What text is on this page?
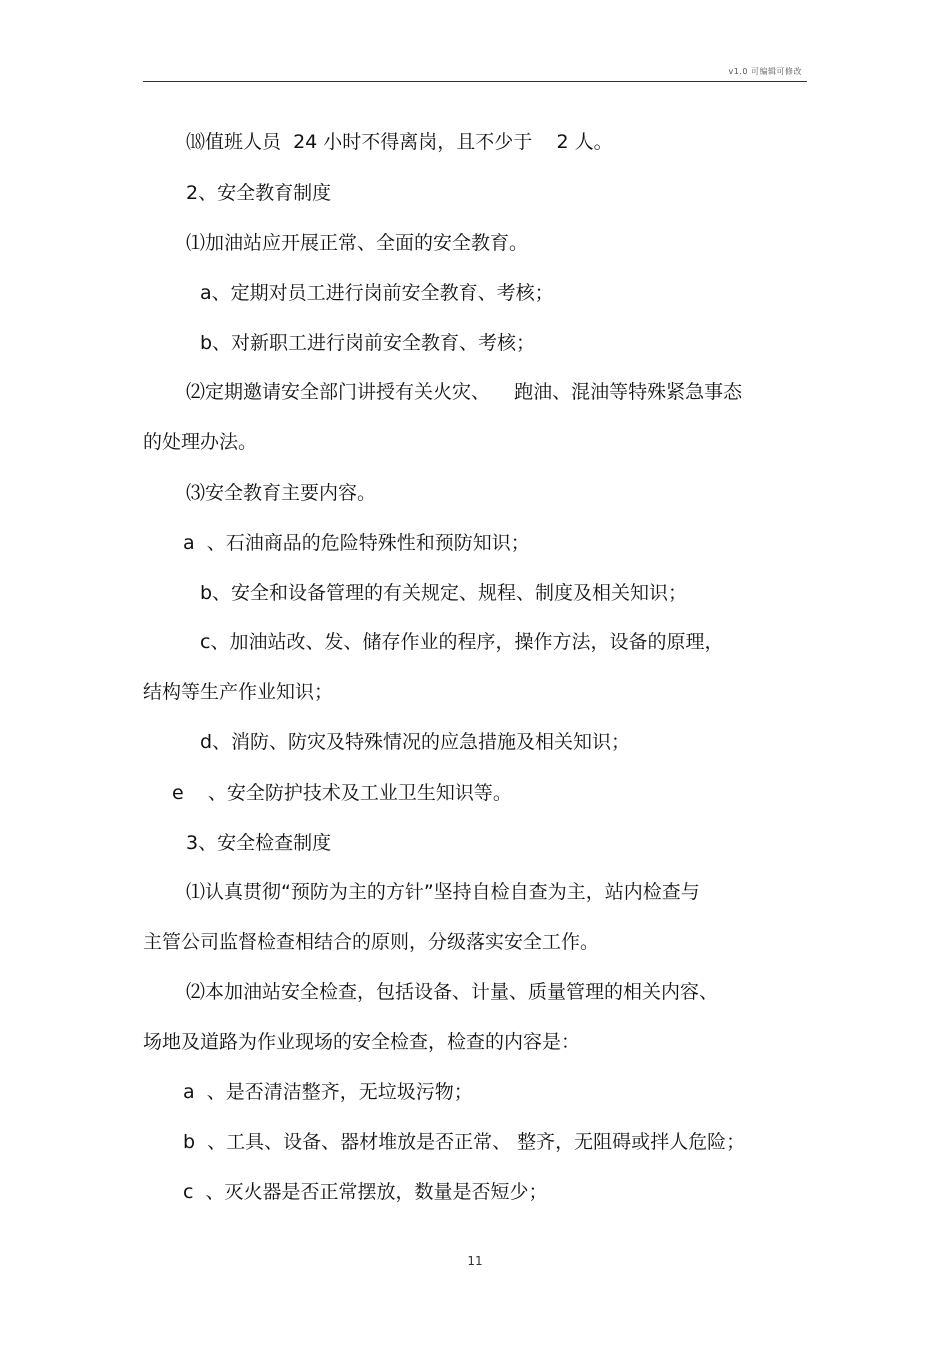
v1.0 可编辑可修改
⒅值班人员  24 小时不得离岗，且不少于    2 人。
2、安全教育制度
⑴加油站应开展正常、全面的安全教育。
a、定期对员工进行岗前安全教育、考核；
b、对新职工进行岗前安全教育、考核；
⑵定期邀请安全部门讲授有关火灾、    跑油、混油等特殊紧急事态
的处理办法。
⑶安全教育主要内容。
a  、石油商品的危险特殊性和预防知识；
b、安全和设备管理的有关规定、规程、制度及相关知识；
c、加油站改、发、储存作业的程序，操作方法，设备的原理，
结构等生产作业知识；
d、消防、防灾及特殊情况的应急措施及相关知识；
e    、安全防护技术及工业卫生知识等。
3、安全检查制度
⑴认真贯彻“预防为主的方针”坚持自检自查为主，站内检查与
主管公司监督检查相结合的原则，分级落实安全工作。
⑵本加油站安全检查，包括设备、计量、质量管理的相关内容、
场地及道路为作业现场的安全检查，检查的内容是：
a  、是否清洁整齐，无垃圾污物；
b  、工具、设备、器材堆放是否正常、 整齐，无阻碍或拌人危险；
c  、灭火器是否正常摆放，数量是否短少；
11
